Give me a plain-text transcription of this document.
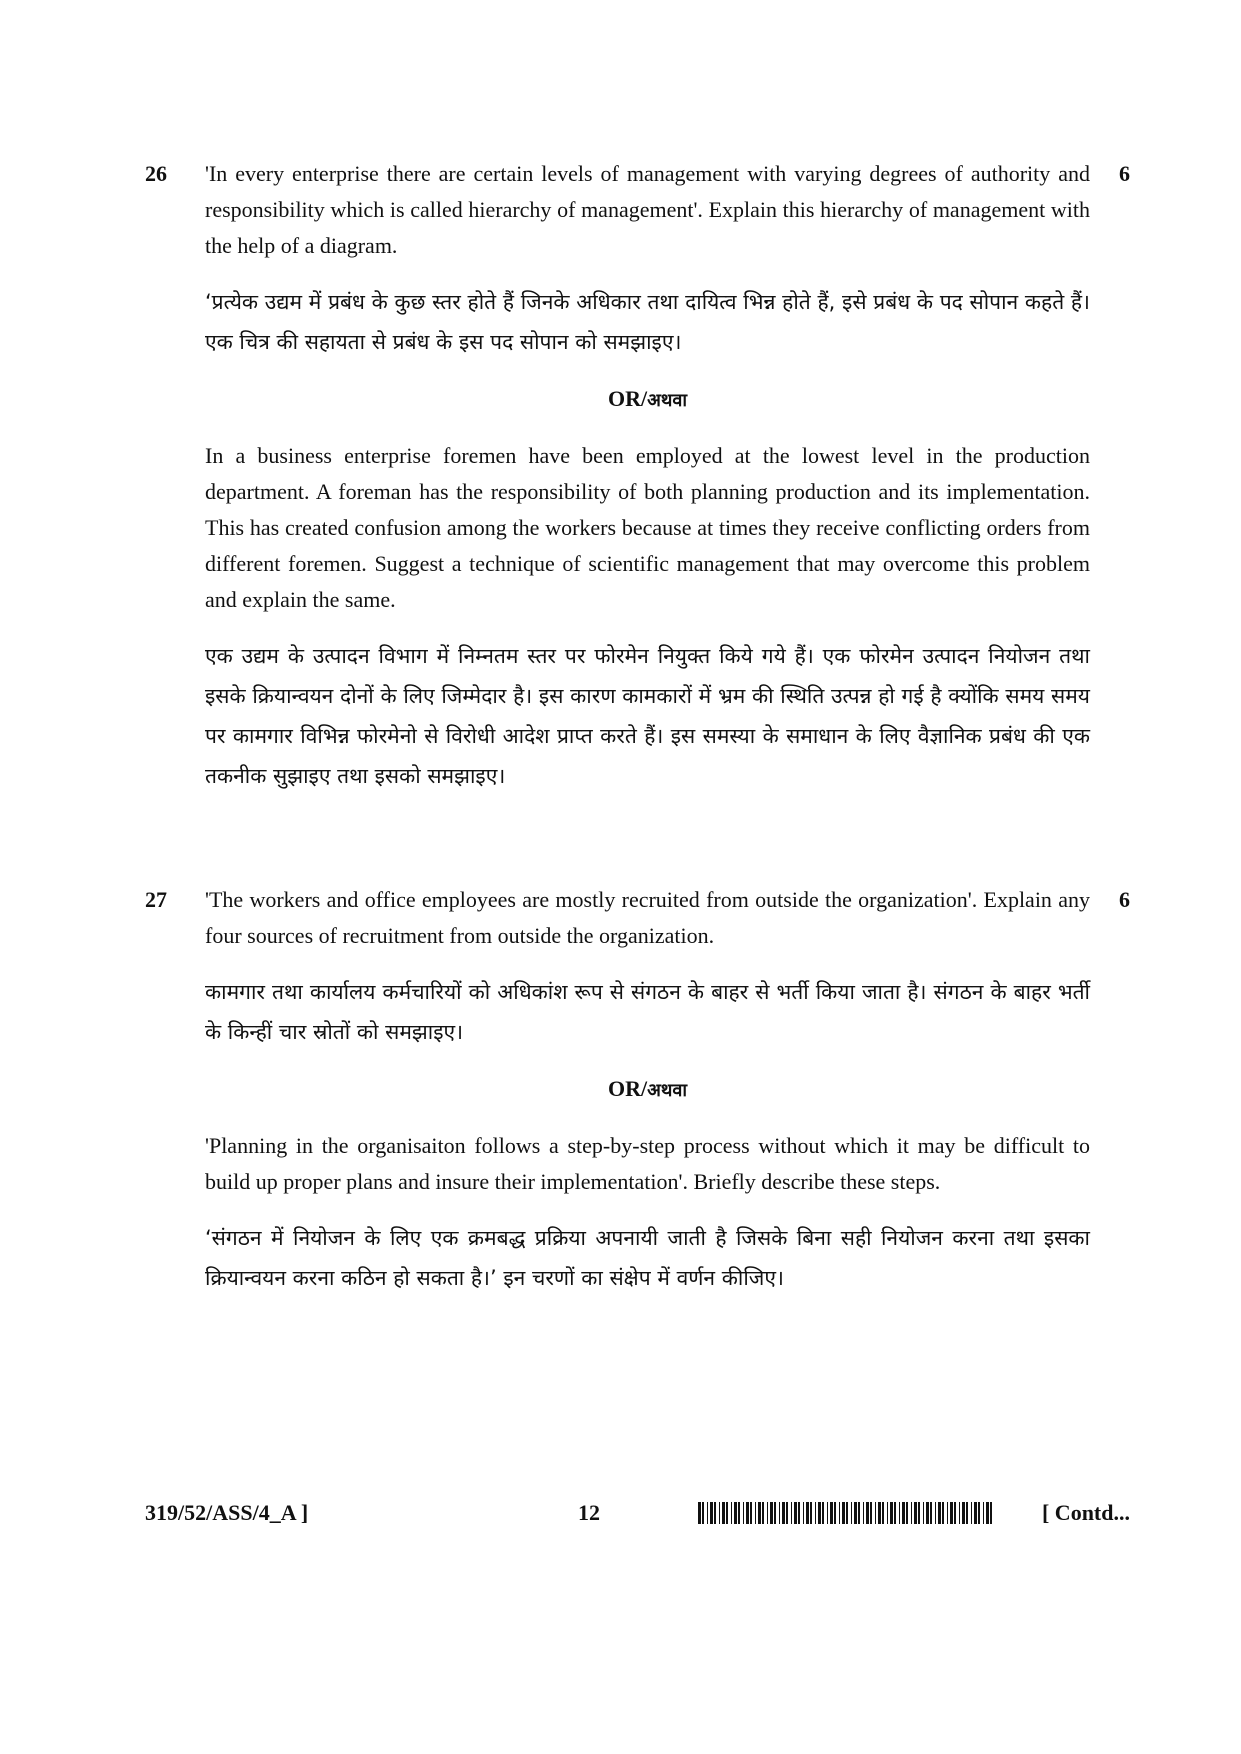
26	6
'In every enterprise there are certain levels of management with varying degrees of authority and responsibility which is called hierarchy of management'. Explain this hierarchy of management with the help of a diagram.
‘प्रत्येक उद्यम में प्रबंध के कुछ स्तर होते हैं जिनके अधिकार तथा दायित्व भिन्न होते हैं, इसे प्रबंध के पद सोपान कहते हैं। एक चित्र की सहायता से प्रबंध के इस पद सोपान को समझाइए।
OR/अथवा
In a business enterprise foremen have been employed at the lowest level in the production department. A foreman has the responsibility of both planning production and its implementation. This has created confusion among the workers because at times they receive conflicting orders from different foremen. Suggest a technique of scientific management that may overcome this problem and explain the same.
एक उद्यम के उत्पादन विभाग में निम्नतम स्तर पर फोरमेन नियुक्त किये गये हैं। एक फोरमेन उत्पादन नियोजन तथा इसके क्रियान्वयन दोनों के लिए जिम्मेदार है। इस कारण कामकारों में भ्रम की स्थिति उत्पन्न हो गई है क्योंकि समय समय पर कामगार विभिन्न फोरमेनो से विरोधी आदेश प्राप्त करते हैं। इस समस्या के समाधान के लिए वैज्ञानिक प्रबंध की एक तकनीक सुझाइए तथा इसको समझाइए।
27	6
'The workers and office employees are mostly recruited from outside the organization'. Explain any four sources of recruitment from outside the organization.
कामगार तथा कार्यालय कर्मचारियों को अधिकांश रूप से संगठन के बाहर से भर्ती किया जाता है। संगठन के बाहर भर्ती के किन्हीं चार स्रोतों को समझाइए।
OR/अथवा
'Planning in the organisaiton follows a step-by-step process without which it may be difficult to build up proper plans and insure their implementation'. Briefly describe these steps.
‘संगठन में नियोजन के लिए एक क्रमबद्ध प्रक्रिया अपनायी जाती है जिसके बिना सही नियोजन करना तथा इसका क्रियान्वयन करना कठिन हो सकता है।’ इन चरणों का संक्षेप में वर्णन कीजिए।
319/52/ASS/4_A ]	12	[ Contd...
